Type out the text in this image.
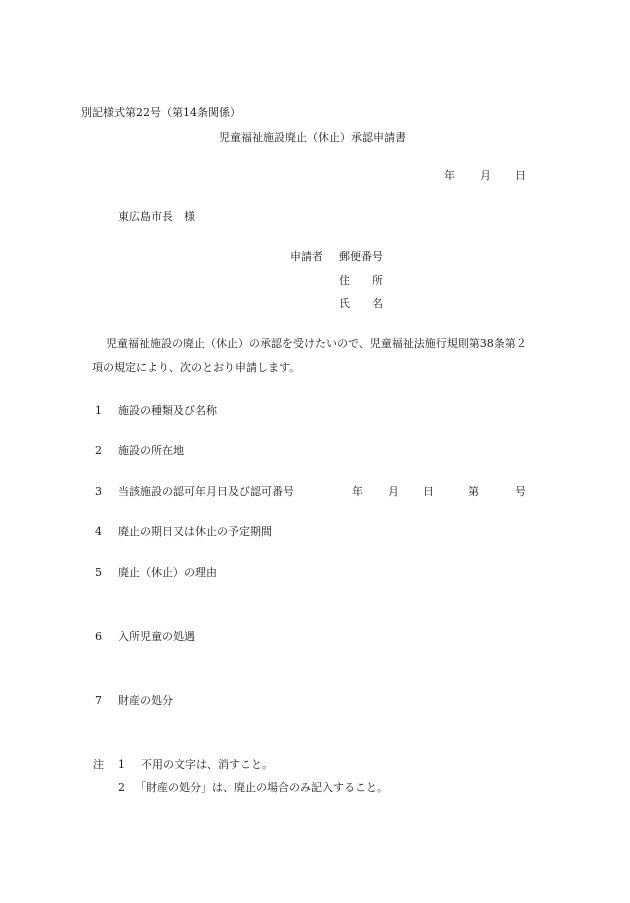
別記様式第22号（第14条関係）
児童福祉施設廃止（休止）承認申請書
年 月 日
東広島市長　様
申請者 郵便番号
住　　所
氏　　名
児童福祉施設の廃止（休止）の承認を受けたいので、児童福祉法施行規則第38条第２
項の規定により、次のとおり申請します。
1 施設の種類及び名称
2 施設の所在地
3 当該施設の認可年月日及び認可番号	年 月 日	第	号
4 廃止の期日又は休止の予定期間
5 廃止（休止）の理由
6 入所児童の処遇
7 財産の処分
注 1 不用の文字は、消すこと。
2 「財産の処分」は、廃止の場合のみ記入すること。
